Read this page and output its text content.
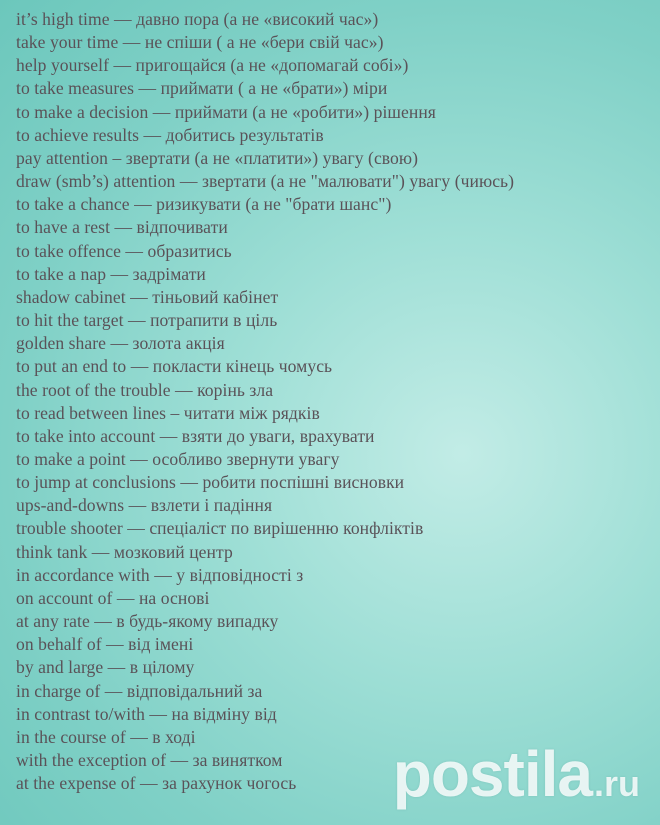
it’s high time — давно пора (а не «високий час»)
take your time — не спіши ( а не «бери свій час»)
help yourself — пригощайся (а не «допомагай собі»)
to take measures — приймати ( а не «брати») міри
to make a decision — приймати (а не «робити») рішення
to achieve results — добитись результатів
pay attention – звертати (а не «платити») увагу (свою)
draw (smb’s) attention — звертати (а не "малювати") увагу (чиюсь)
to take a chance — ризикувати (а не "брати шанс")
to have a rest — відпочивати
to take offence — образитись
to take a nap — задрімати
shadow cabinet — тіньовий кабінет
to hit the target — потрапити в ціль
golden share — золота акція
to put an end to — покласти кінець чомусь
the root of the trouble — корінь зла
to read between lines – читати між рядків
to take into account — взяти до уваги, врахувати
to make a point — особливо звернути увагу
to jump at conclusions — робити поспішні висновки
ups-and-downs — взлети і падіння
trouble shooter — спеціаліст по вирішенню конфліктів
think tank — мозковий центр
in accordance with — у відповідності з
on account of — на основі
at any rate — в будь-якому випадку
on behalf of — від імені
by and large — в цілому
in charge of — відповідальний за
in contrast to/with — на відміну від
in the course of — в ході
with the exception of — за винятком
at the expense of — за рахунок чогось	postila .ru
